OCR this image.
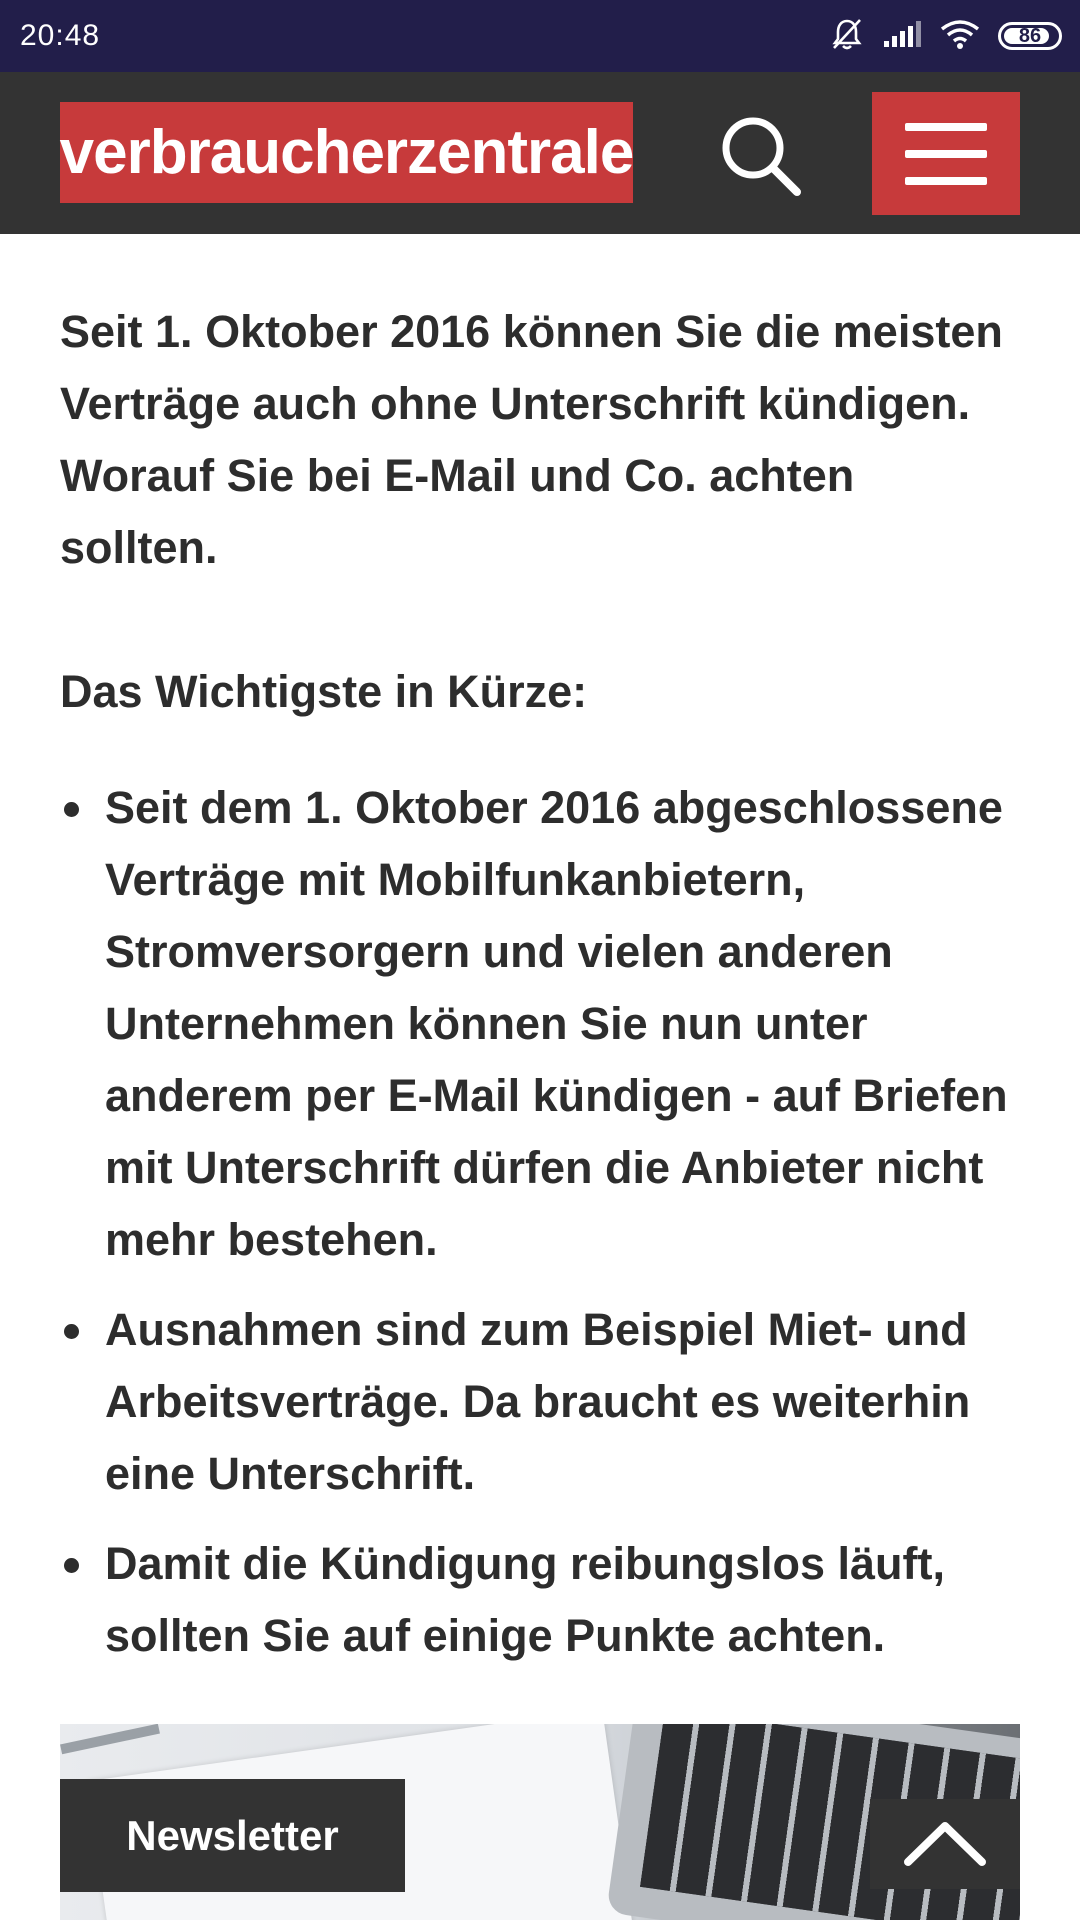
20:48	86
verbraucherzentrale

Seit 1. Oktober 2016 können Sie die meisten Verträge auch ohne Unterschrift kündigen. Worauf Sie bei E-Mail und Co. achten sollten.

Das Wichtigste in Kürze:
Seit dem 1. Oktober 2016 abgeschlossene Verträge mit Mobilfunkanbietern, Stromversorgern und vielen anderen Unternehmen können Sie nun unter anderem per E-Mail kündigen - auf Briefen mit Unterschrift dürfen die Anbieter nicht mehr bestehen.
Ausnahmen sind zum Beispiel Miet- und Arbeitsverträge. Da braucht es weiterhin eine Unterschrift.
Damit die Kündigung reibungslos läuft, sollten Sie auf einige Punkte achten.
Newsletter
